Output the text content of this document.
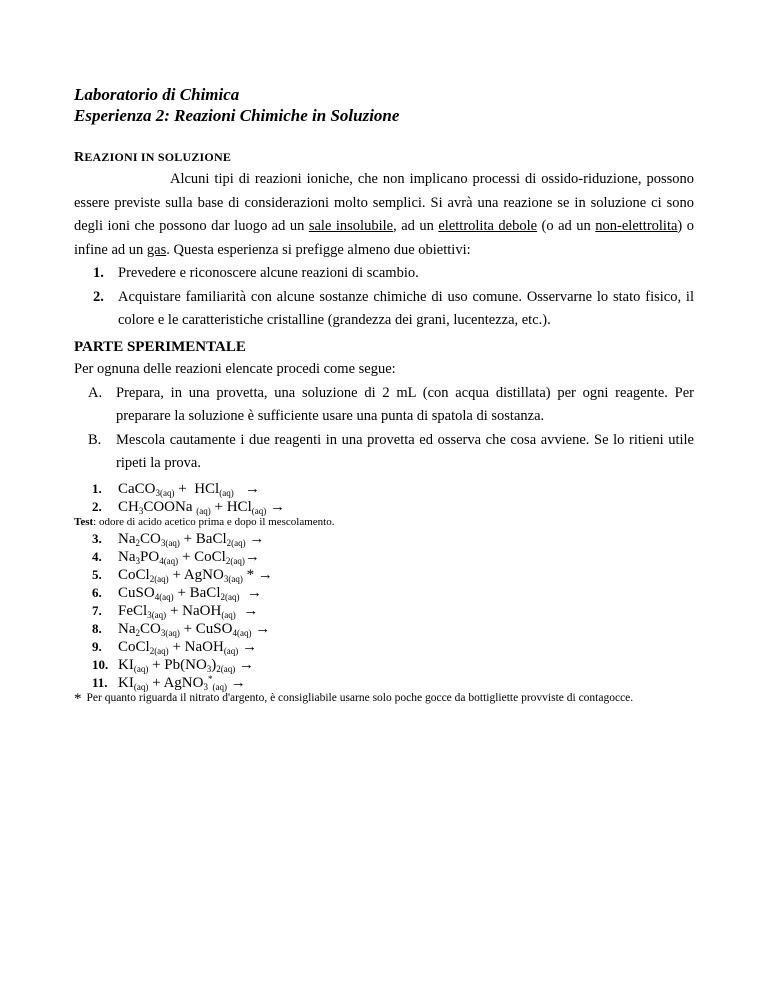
Laboratorio di Chimica
Esperienza 2: Reazioni Chimiche in Soluzione
REAZIONI IN SOLUZIONE
Alcuni tipi di reazioni ioniche, che non implicano processi di ossido-riduzione, possono essere previste sulla base di considerazioni molto semplici. Si avrà una reazione se in soluzione ci sono degli ioni che possono dar luogo ad un sale insolubile, ad un elettrolita debole (o ad un non-elettrolita) o infine ad un gas. Questa esperienza si prefigge almeno due obiettivi:
1. Prevedere e riconoscere alcune reazioni di scambio.
2. Acquistare familiarità con alcune sostanze chimiche di uso comune. Osservarne lo stato fisico, il colore e le caratteristiche cristalline (grandezza dei grani, lucentezza, etc.).
PARTE SPERIMENTALE
Per ognuna delle reazioni elencate procedi come segue:
A. Prepara, in una provetta, una soluzione di 2 mL (con acqua distillata) per ogni reagente. Per preparare la soluzione è sufficiente usare una punta di spatola di sostanza.
B. Mescola cautamente i due reagenti in una provetta ed osserva che cosa avviene. Se lo ritieni utile ripeti la prova.
1. CaCO$_{3(aq)}$ +  HCl$_{(aq)}$   →
2. $CH_3COONa$ $_{(aq)}$ + HCl$_{(aq)}$ →
Test: odore di acido acetico prima e dopo il mescolamento.
3. $Na_2CO_{3(aq)}$ + BaCl$_{2(aq)}$ →
4. $Na_3PO_{4(aq)}$ + CoCl$_{2(aq)}$→
5. CoCl$_{2(aq)}$ + AgNO$_{3(aq)}$ * →
6. CuSO$_{4(aq)}$ + BaCl$_{2(aq)}$  →
7. FeCl$_{3(aq)}$ + NaOH$_{(aq)}$  →
8. $Na_2CO_{3(aq)}$ + CuSO$_{4(aq)}$ →
9. CoCl$_{2(aq)}$ + NaOH$_{(aq)}$ →
10. $KI_{(aq)} + Pb(NO_3)_{2(aq)}$ →
11. $KI_{(aq)}$ + AgNO$_3$*$_{(aq)}$ →
* Per quanto riguarda il nitrato d'argento, è consigliabile usarne solo poche gocce da bottigliette provviste di contagocce.
